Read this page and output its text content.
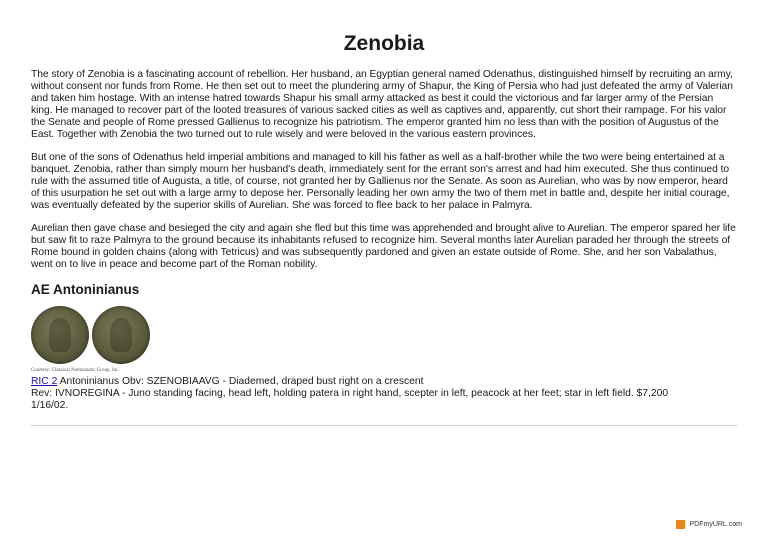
Zenobia

The story of Zenobia is a fascinating account of rebellion. Her husband, an Egyptian general named Odenathus, distinguished himself by recruiting an army, without consent nor funds from Rome. He then set out to meet the plundering army of Shapur, the King of Persia who had just defeated the army of Valerian and taken him hostage. With an intense hatred towards Shapur his small army attacked as best it could the victorious and far larger army of the Persian king. He managed to recover part of the looted treasures of various sacked cities as well as captives and, apparently, cut short their rampage. For his valor the Senate and people of Rome pressed Gallienus to recognize his patriotism. The emperor granted him no less than with the position of Augustus of the East. Together with Zenobia the two turned out to rule wisely and were beloved in the various eastern provinces.

But one of the sons of Odenathus held imperial ambitions and managed to kill his father as well as a half-brother while the two were being entertained at a banquet. Zenobia, rather than simply mourn her husband's death, immediately sent for the errant son's arrest and had him executed. She thus continued to rule with the assumed title of Augusta, a title, of course, not granted her by Gallienus nor the Senate. As soon as Aurelian, who was by now emperor, heard of this usurpation he set out with a large army to depose her. Personally leading her own army the two of them met in battle and, despite her initial courage, was eventually defeated by the superior skills of Aurelian. She was forced to flee back to her palace in Palmyra.

Aurelian then gave chase and besieged the city and again she fled but this time was apprehended and brought alive to Aurelian. The emperor spared her life but saw fit to raze Palmyra to the ground because its inhabitants refused to recognize him. Several months later Aurelian paraded her through the streets of Rome bound in golden chains (along with Tetricus) and was subsequently pardoned and given an estate outside of Rome. She, and her son Vabalathus, went on to live in peace and become part of the Roman nobility.

AE Antoninianus
Courtesy: Classical Numismatic Group, Inc.
RIC 2 Antoninianus Obv: SZENOBIAAVG - Diademed, draped bust right on a crescent
Rev: IVNOREGINA - Juno standing facing, head left, holding patera in right hand, scepter in left, peacock at her feet; star in left field. $7,200
1/16/02.
PDFmyURL.com
